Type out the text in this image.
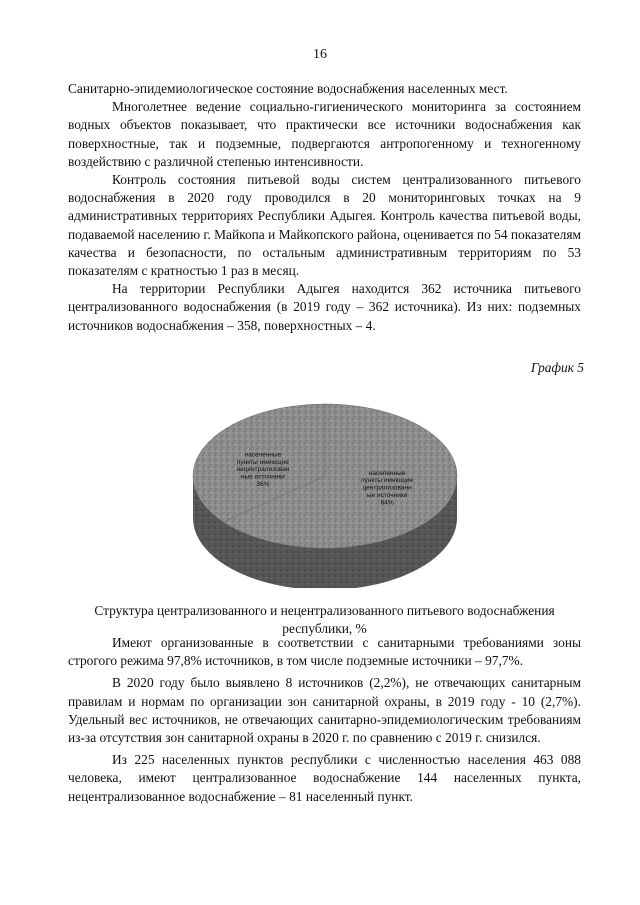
16

Санитарно-эпидемиологическое состояние водоснабжения населенных мест.

Многолетнее ведение социально-гигиенического мониторинга за состоянием водных объектов показывает, что практически все источники водоснабжения как поверхностные, так и подземные, подвергаются антропогенному и техногенному воздействию с различной степенью интенсивности.

Контроль состояния питьевой воды систем централизованного питьевого водоснабжения в 2020 году проводился в 20 мониторинговых точках на 9 административных территориях Республики Адыгея. Контроль качества питьевой воды, подаваемой населению г. Майкопа и Майкопского района, оценивается по 54 показателям качества и безопасности, по остальным административным территориям по 53 показателям с кратностью 1 раз в месяц.

На территории Республики Адыгея находится 362 источника питьевого централизованного водоснабжения (в 2019 году – 362 источника). Из них: подземных источников водоснабжения – 358, поверхностных – 4.

График 5
населенные пункты имеющие централизованн ые источники 64%
населенные пункты имеющие нецентрализован ные источники 36%
Структура централизованного и нецентрализованного питьевого водоснабжения республики, %

Имеют организованные в соответствии с санитарными требованиями зоны строгого режима 97,8% источников, в том числе подземные источники – 97,7%.

В 2020 году было выявлено 8 источников (2,2%), не отвечающих санитарным правилам и нормам по организации зон санитарной охраны, в 2019 году - 10 (2,7%). Удельный вес источников, не отвечающих санитарно-эпидемиологическим требованиям из-за отсутствия зон санитарной охраны в 2020 г. по сравнению с 2019 г. снизился.

Из 225 населенных пунктов республики с численностью населения 463 088 человека, имеют централизованное водоснабжение 144 населенных пункта, нецентрализованное водоснабжение – 81 населенный пункт.
